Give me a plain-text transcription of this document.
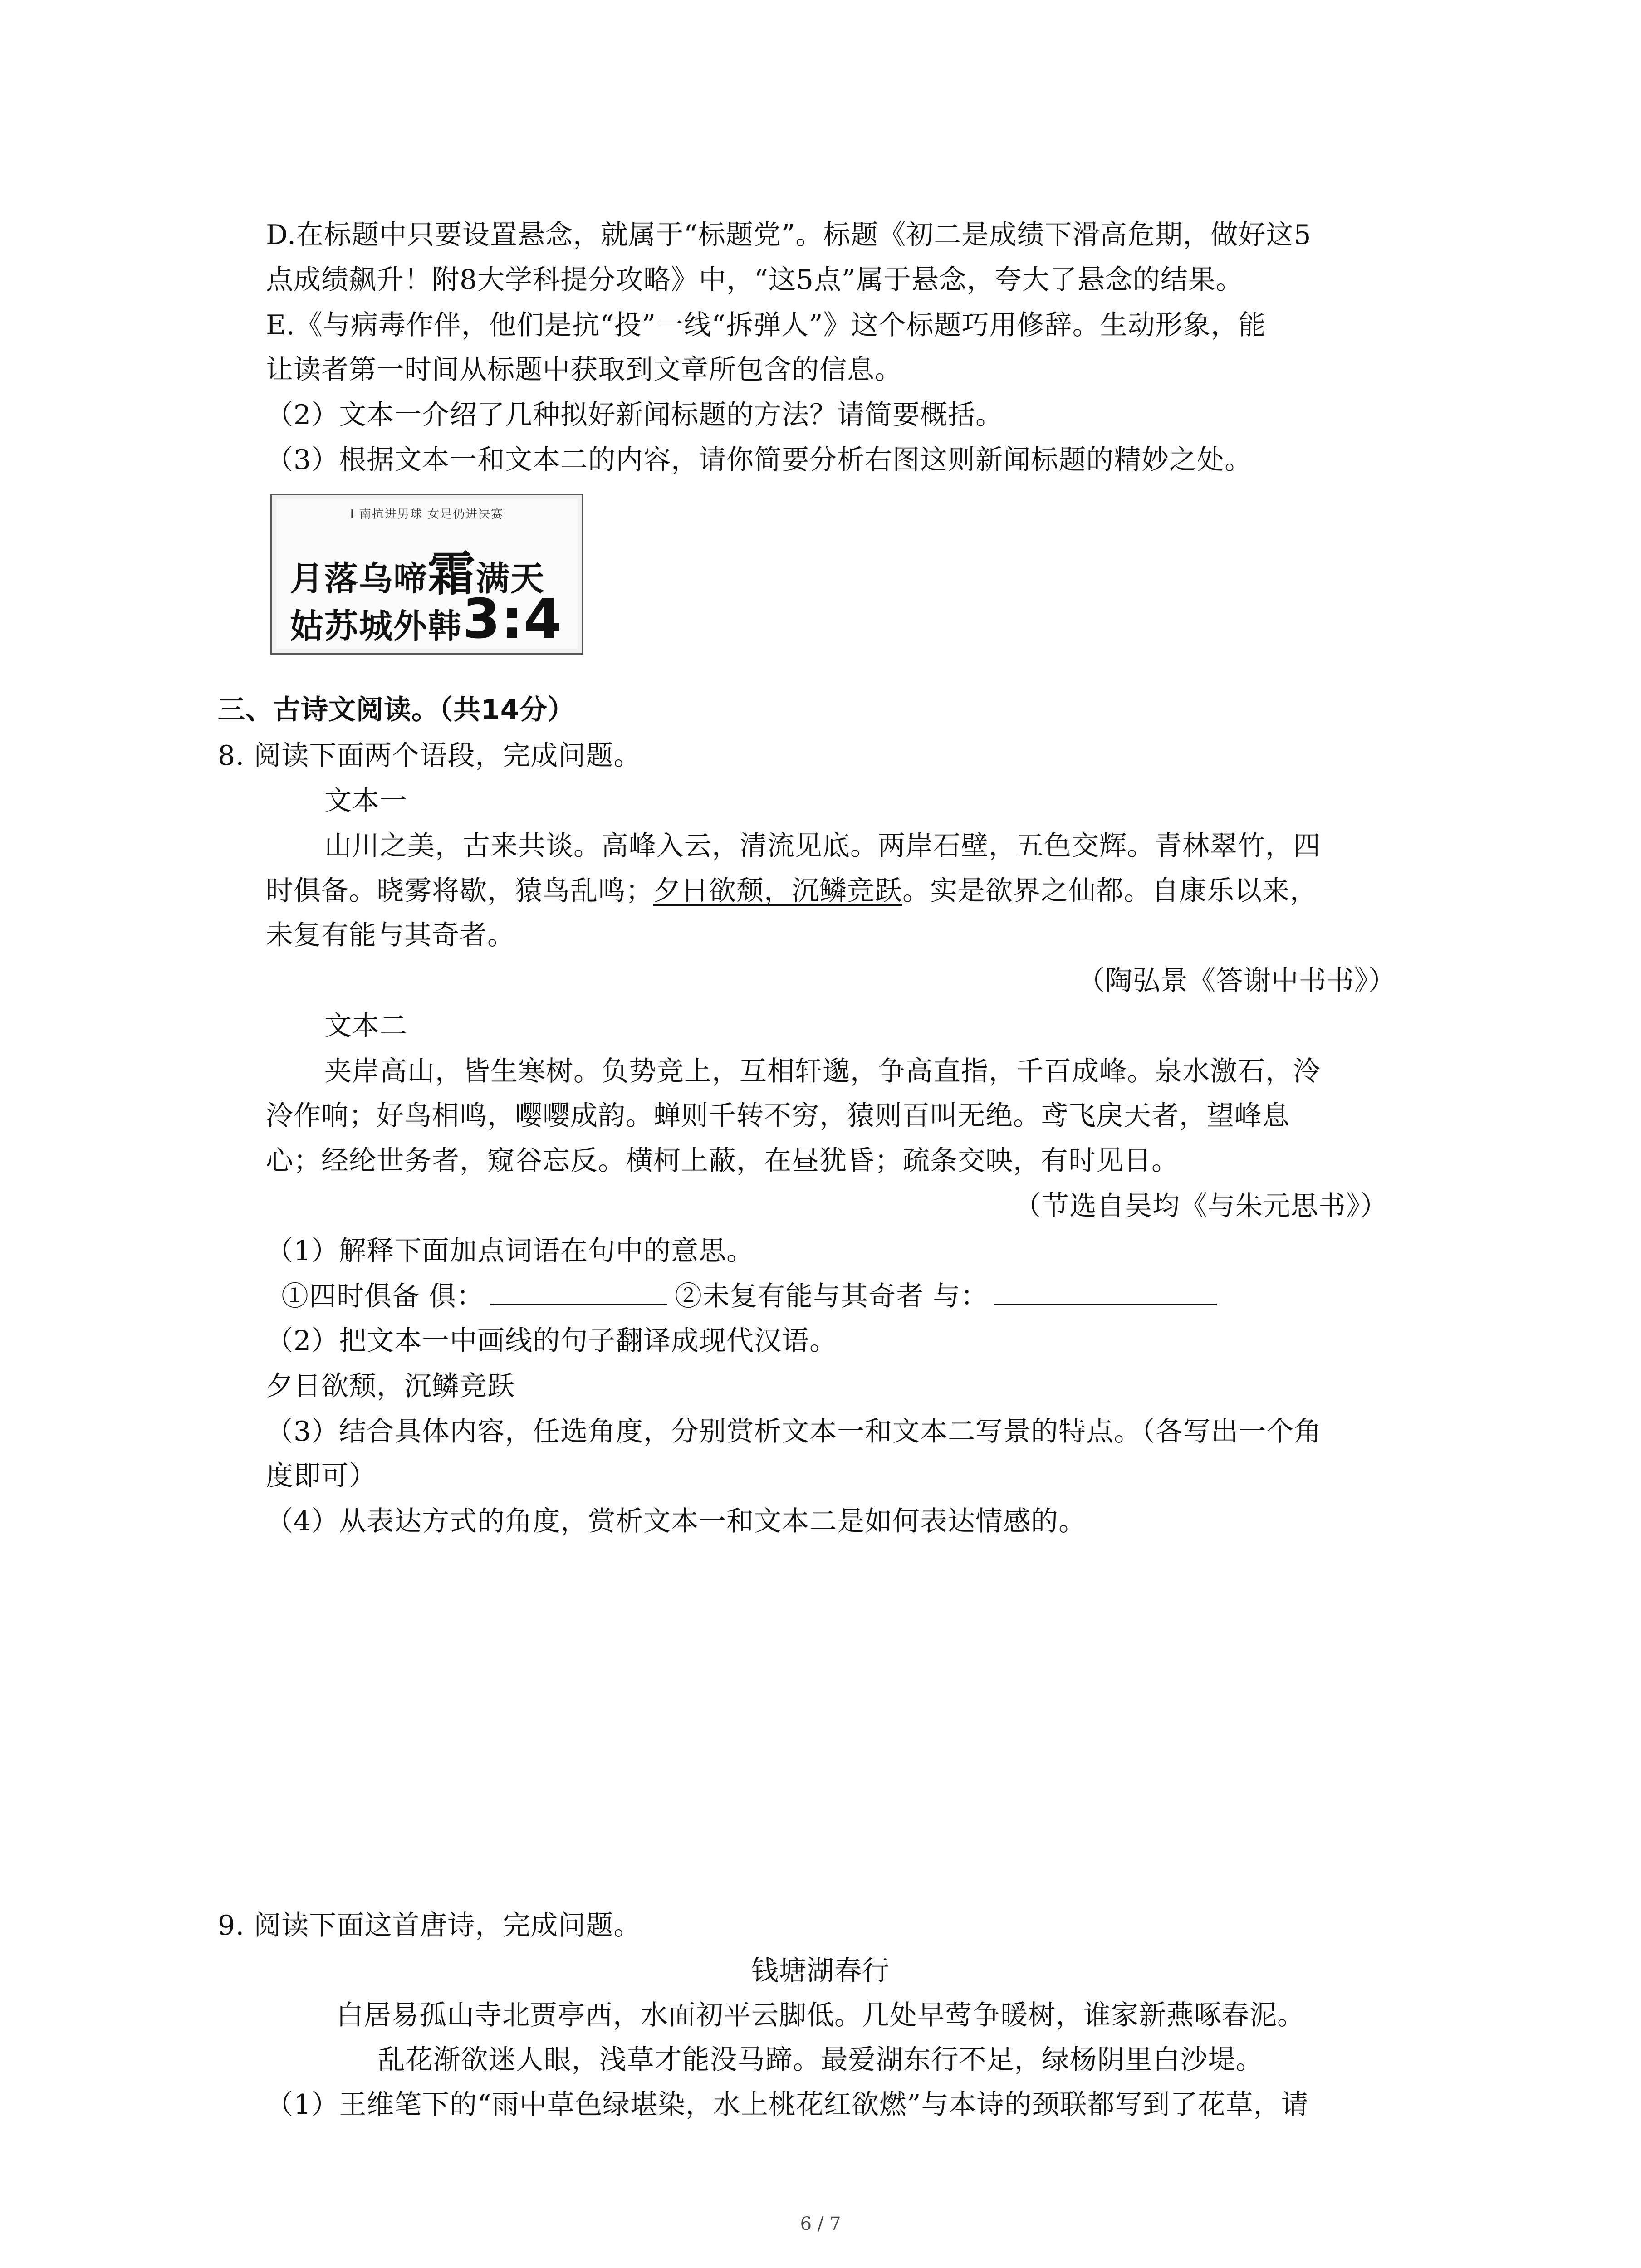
D.在标题中只要设置悬念，就属于“标题党”。标题《初二是成绩下滑高危期，做好这5
点成绩飙升！附8大学科提分攻略》中，“这5点”属于悬念，夸大了悬念的结果。
E.《与病毒作伴，他们是抗“投”一线“拆弹人”》这个标题巧用修辞。生动形象，能
让读者第一时间从标题中获取到文章所包含的信息。
（2）文本一介绍了几种拟好新闻标题的方法？请简要概括。
（3）根据文本一和文本二的内容，请你简要分析右图这则新闻标题的精妙之处。
I 南抗进男球 女足仍进决赛
月落乌啼霜满天
姑苏城外韩3:4
三、古诗文阅读。（共14分）
8. 阅读下面两个语段，完成问题。
文本一
山川之美，古来共谈。高峰入云，清流见底。两岸石壁，五色交辉。青林翠竹，四
时俱备。晓雾将歇，猿鸟乱鸣；夕日欲颓，沉鳞竞跃。实是欲界之仙都。自康乐以来，
未复有能与其奇者。
（陶弘景《答谢中书书》）
文本二
夹岸高山，皆生寒树。负势竞上，互相轩邈，争高直指，千百成峰。泉水激石，泠
泠作响；好鸟相鸣，嘤嘤成韵。蝉则千转不穷，猿则百叫无绝。鸢飞戾天者，望峰息
心；经纶世务者，窥谷忘反。横柯上蔽，在昼犹昏；疏条交映，有时见日。
（节选自吴均《与朱元思书》）
（1）解释下面加点词语在句中的意思。
①四时俱备 俱：	②未复有能与其奇者 与：
（2）把文本一中画线的句子翻译成现代汉语。
夕日欲颓，沉鳞竞跃
（3）结合具体内容，任选角度，分别赏析文本一和文本二写景的特点。（各写出一个角
度即可）
（4）从表达方式的角度，赏析文本一和文本二是如何表达情感的。
9. 阅读下面这首唐诗，完成问题。
钱塘湖春行
白居易孤山寺北贾亭西，水面初平云脚低。几处早莺争暖树，谁家新燕啄春泥。
乱花渐欲迷人眼，浅草才能没马蹄。最爱湖东行不足，绿杨阴里白沙堤。
（1）王维笔下的“雨中草色绿堪染，水上桃花红欲燃”与本诗的颈联都写到了花草，请
6 / 7
